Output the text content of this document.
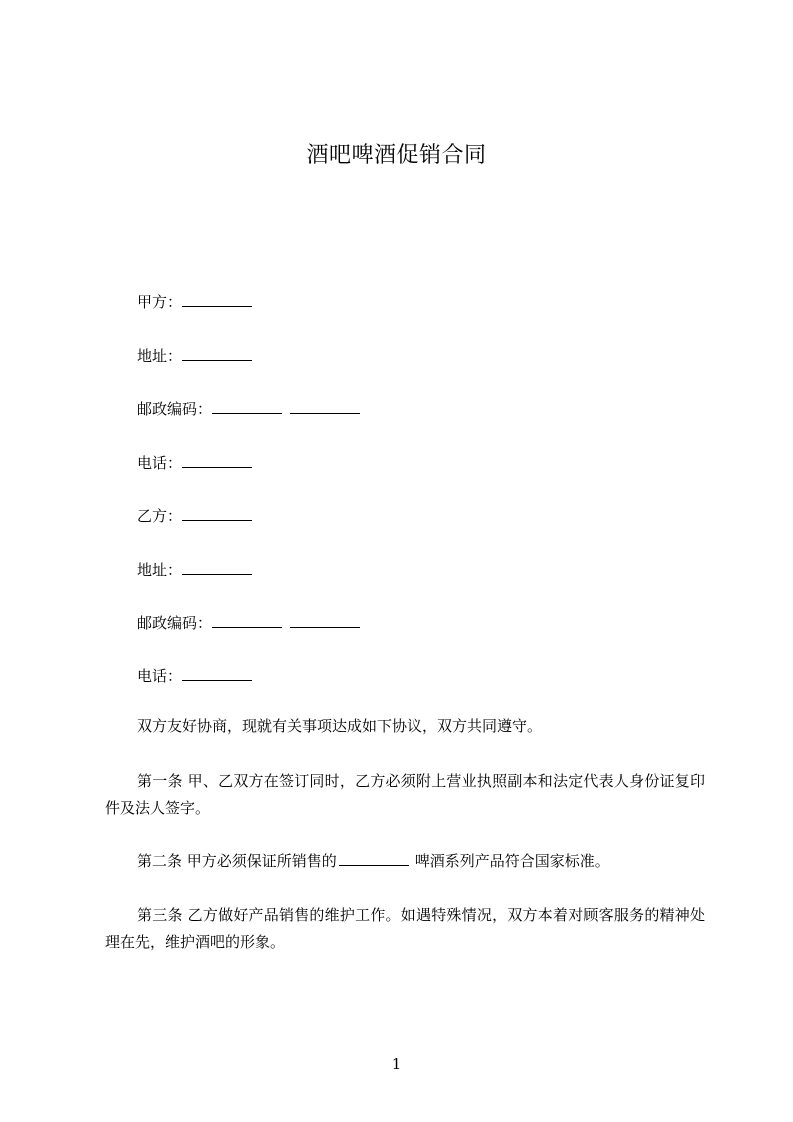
酒吧啤酒促销合同
甲方：
地址：
邮政编码：
电话：
乙方：
地址：
邮政编码：
电话：
双方友好协商，现就有关事项达成如下协议，双方共同遵守。
第一条 甲、乙双方在签订同时，乙方必须附上营业执照副本和法定代表人身份证复印件及法人签字。
第二条 甲方必须保证所销售的	啤酒系列产品符合国家标准。
第三条 乙方做好产品销售的维护工作。如遇特殊情况，双方本着对顾客服务的精神处理在先，维护酒吧的形象。
1
